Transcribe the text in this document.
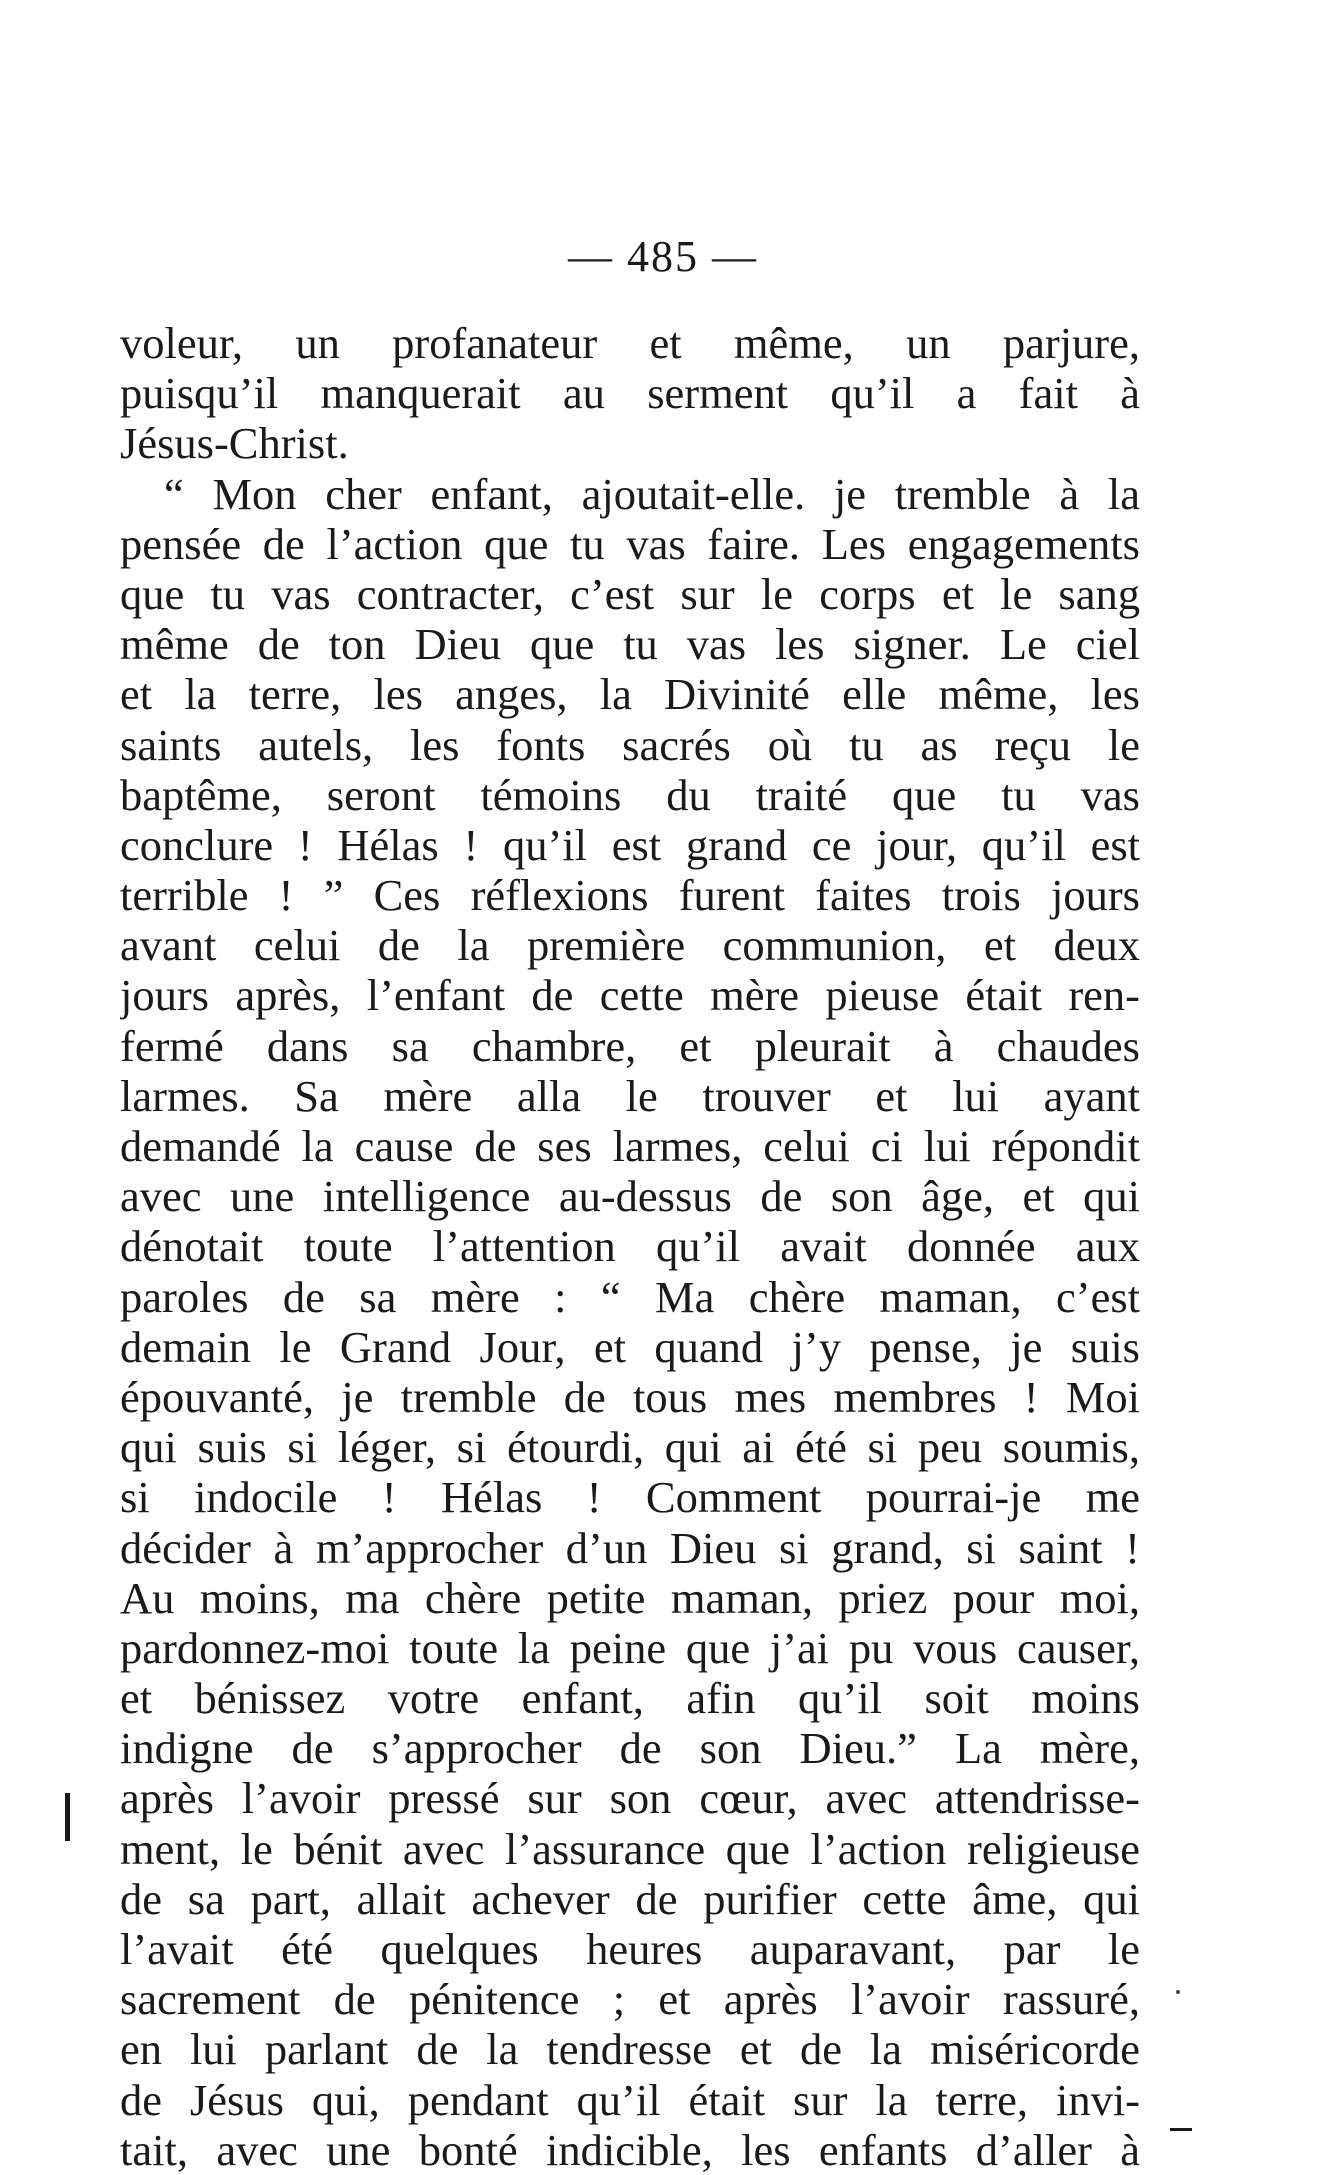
— 485 —
voleur, un profanateur et même, un parjure,
puisqu’il manquerait au serment qu’il a fait à
Jésus-Christ.
“ Mon cher enfant, ajoutait-elle. je tremble à la
pensée de l’action que tu vas faire. Les engagements
que tu vas contracter, c’est sur le corps et le sang
même de ton Dieu que tu vas les signer. Le ciel
et la terre, les anges, la Divinité elle même, les
saints autels, les fonts sacrés où tu as reçu le
baptême, seront témoins du traité que tu vas
conclure ! Hélas ! qu’il est grand ce jour, qu’il est
terrible ! ” Ces réflexions furent faites trois jours
avant celui de la première communion, et deux
jours après, l’enfant de cette mère pieuse était ren-
fermé dans sa chambre, et pleurait à chaudes
larmes. Sa mère alla le trouver et lui ayant
demandé la cause de ses larmes, celui ci lui répondit
avec une intelligence au-dessus de son âge, et qui
dénotait toute l’attention qu’il avait donnée aux
paroles de sa mère : “ Ma chère maman, c’est
demain le Grand Jour, et quand j’y pense, je suis
épouvanté, je tremble de tous mes membres ! Moi
qui suis si léger, si étourdi, qui ai été si peu soumis,
si indocile ! Hélas ! Comment pourrai-je me
décider à m’approcher d’un Dieu si grand, si saint !
Au moins, ma chère petite maman, priez pour moi,
pardonnez-moi toute la peine que j’ai pu vous causer,
et bénissez votre enfant, afin qu’il soit moins
indigne de s’approcher de son Dieu.” La mère,
après l’avoir pressé sur son cœur, avec attendrisse-
ment, le bénit avec l’assurance que l’action religieuse
de sa part, allait achever de purifier cette âme, qui
l’avait été quelques heures auparavant, par le
sacrement de pénitence ; et après l’avoir rassuré,
en lui parlant de la tendresse et de la miséricorde
de Jésus qui, pendant qu’il était sur la terre, invi-
tait, avec une bonté indicible, les enfants d’aller à
